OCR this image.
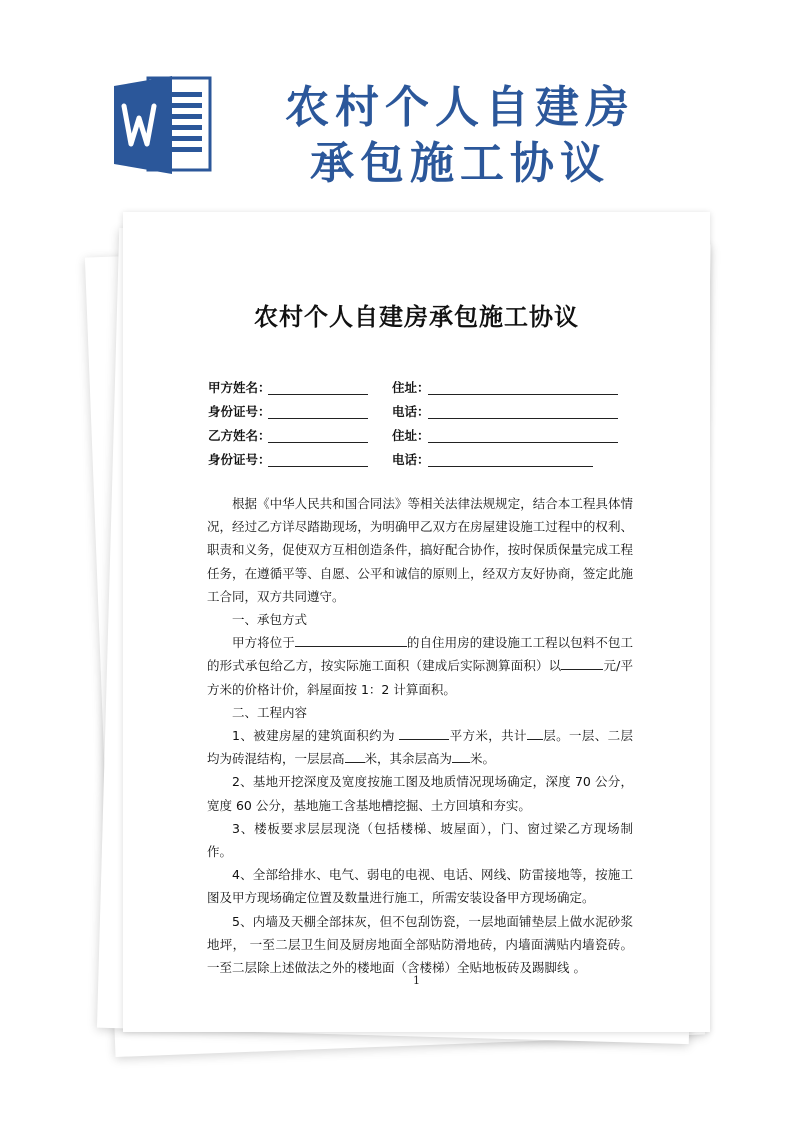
农村个人自建房
承包施工协议
农村个人自建房承包施工协议
甲方姓名：	住址：
身份证号：	电话：
乙方姓名：	住址：
身份证号：	电话：

根据《中华人民共和国合同法》等相关法律法规规定，结合本工程具体情况，经过乙方详尽踏勘现场，为明确甲乙双方在房屋建设施工过程中的权利、职责和义务，促使双方互相创造条件，搞好配合协作，按时保质保量完成工程任务，在遵循平等、自愿、公平和诚信的原则上，经双方友好协商，签定此施工合同，双方共同遵守。

一、承包方式

甲方将位于	的自住用房的建设施工工程以包料不包工的形式承包给乙方，按实际施工面积（建成后实际测算面积）以	元/平方米的价格计价，斜屋面按 1：2 计算面积。

二、工程内容

1、被建房屋的建筑面积约为	平方米，共计 层。一层、二层均为砖混结构，一层层高 米，其余层高为 米。

2、基地开挖深度及宽度按施工图及地质情况现场确定，深度 70 公分，宽度 60 公分，基地施工含基地槽挖掘、土方回填和夯实。

3、楼板要求层层现浇（包括楼梯、坡屋面），门、窗过梁乙方现场制作。

4、全部给排水、电气、弱电的电视、电话、网线、防雷接地等，按施工图及甲方现场确定位置及数量进行施工，所需安装设备甲方现场确定。

5、内墙及天棚全部抹灰，但不包刮饬瓷，一层地面铺垫层上做水泥砂浆地坪， 一至二层卫生间及厨房地面全部贴防滑地砖，内墙面满贴内墙瓷砖。一至二层除上述做法之外的楼地面（含楼梯）全贴地板砖及踢脚线 。

1
